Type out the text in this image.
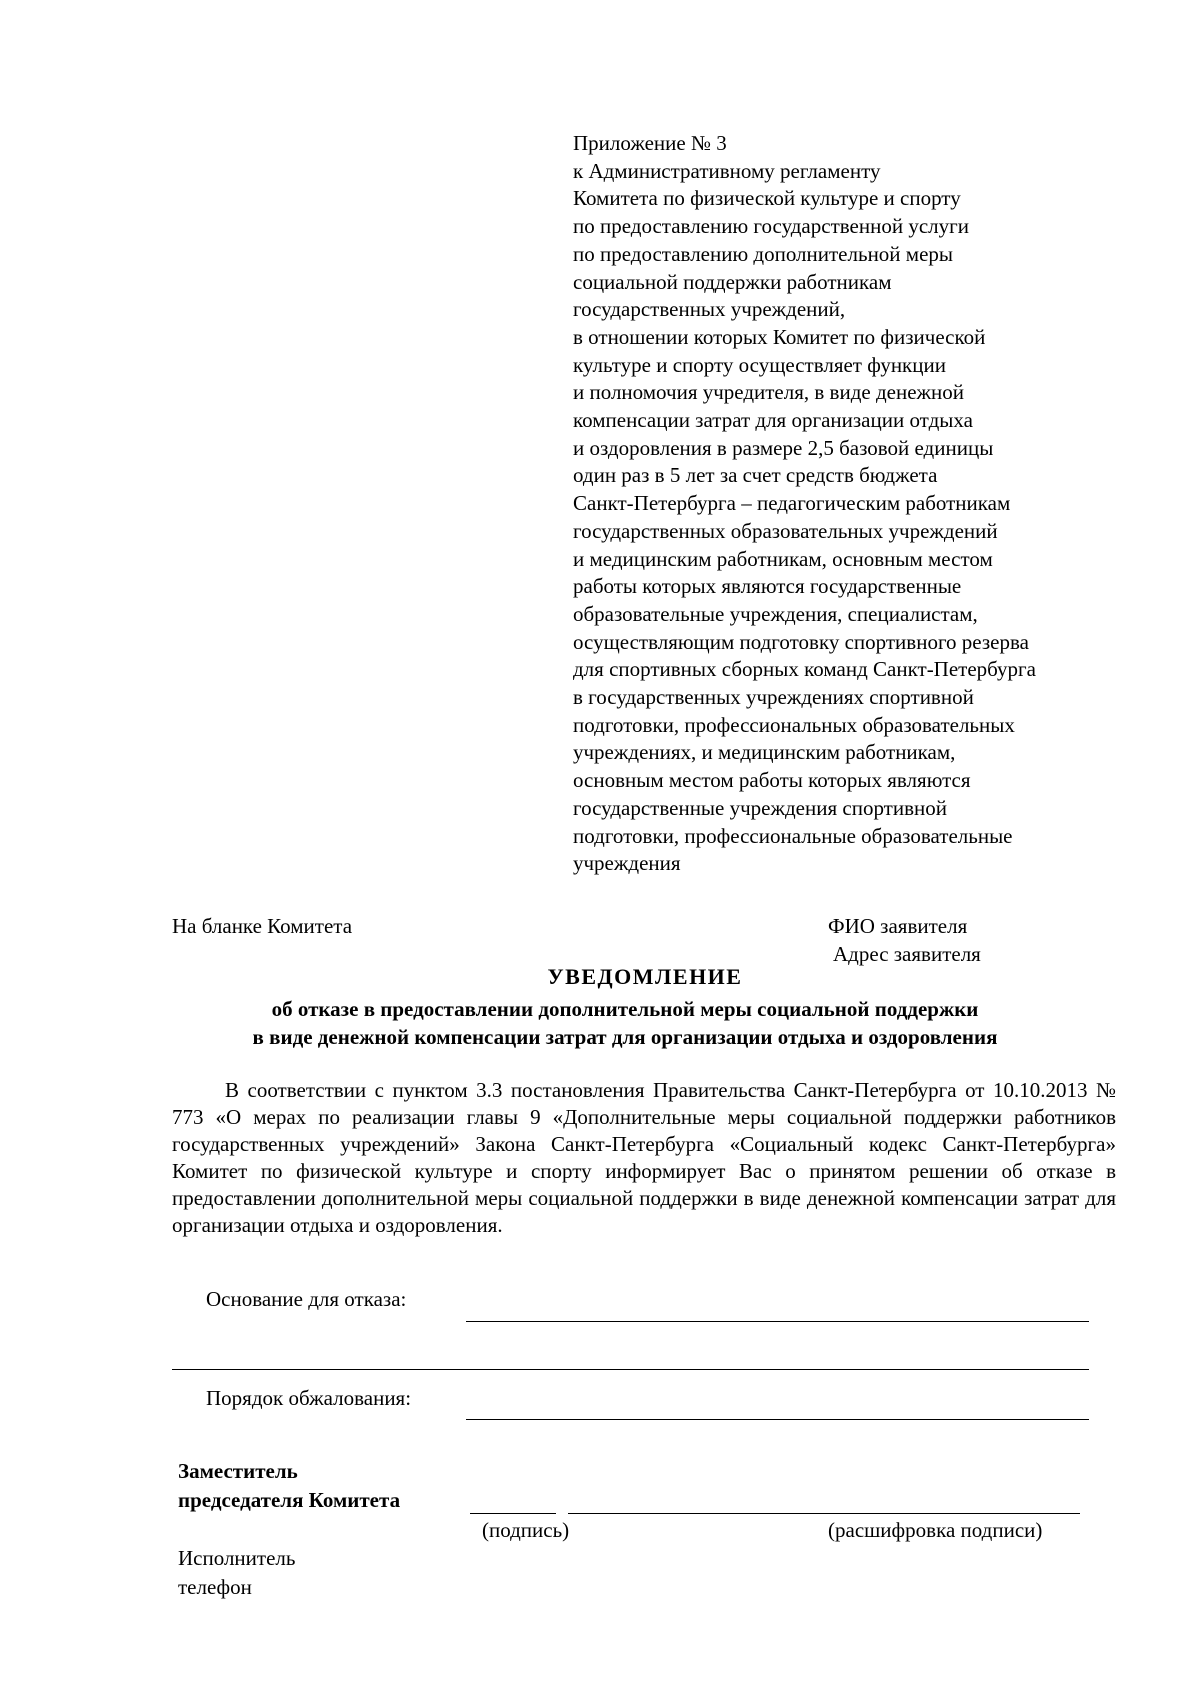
Приложение № 3
к Административному регламенту
Комитета по физической культуре и спорту
по предоставлению государственной услуги
по предоставлению дополнительной меры
социальной поддержки работникам
государственных учреждений,
в отношении которых Комитет по физической
культуре и спорту осуществляет функции
и полномочия учредителя, в виде денежной
компенсации затрат для организации отдыха
и оздоровления в размере 2,5 базовой единицы
один раз в 5 лет за счет средств бюджета
Санкт-Петербурга – педагогическим работникам
государственных образовательных учреждений
и медицинским работникам, основным местом
работы которых являются государственные
образовательные учреждения, специалистам,
осуществляющим подготовку спортивного резерва
для спортивных сборных команд Санкт-Петербурга
в государственных учреждениях спортивной
подготовки, профессиональных образовательных
учреждениях, и медицинским работникам,
основным местом работы которых являются
государственные учреждения спортивной
подготовки, профессиональные образовательные
учреждения
На бланке Комитета	ФИО заявителя
Адрес заявителя
УВЕДОМЛЕНИЕ
об отказе в предоставлении дополнительной меры социальной поддержки
в виде денежной компенсации затрат для организации отдыха и оздоровления
В соответствии с пунктом 3.3 постановления Правительства Санкт-Петербурга от 10.10.2013 № 773 «О мерах по реализации главы 9 «Дополнительные меры социальной поддержки работников государственных учреждений» Закона Санкт-Петербурга «Социальный кодекс Санкт-Петербурга» Комитет по физической культуре и спорту информирует Вас о принятом решении об отказе в предоставлении дополнительной меры социальной поддержки в виде денежной компенсации затрат для организации отдыха и оздоровления.
Основание для отказа:
Порядок обжалования:
Заместитель
председателя Комитета
(подпись)	(расшифровка подписи)
Исполнитель
телефон
